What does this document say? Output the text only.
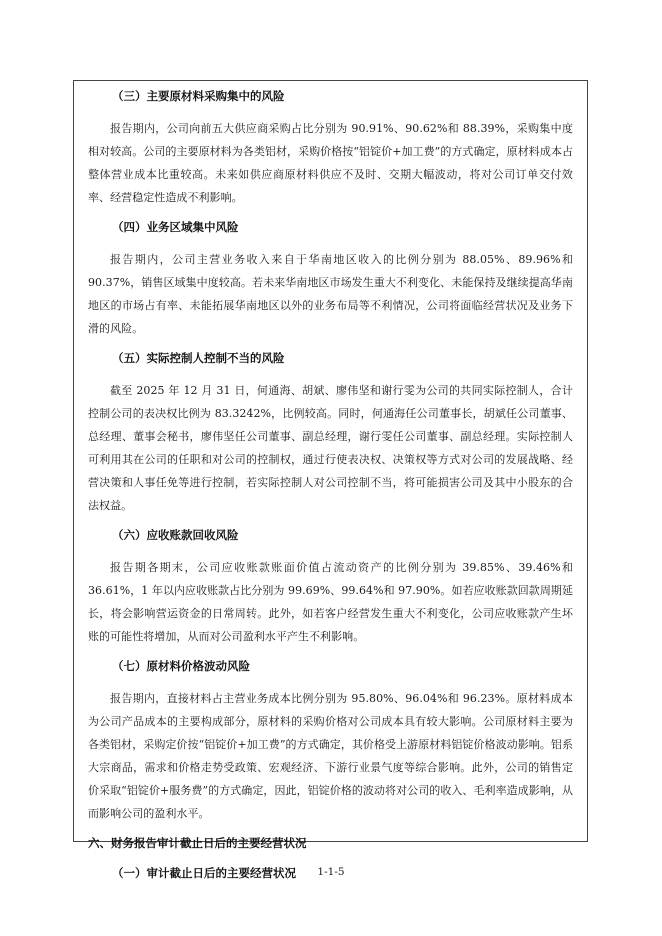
（三）主要原材料采购集中的风险
报告期内，公司向前五大供应商采购占比分别为 90.91%、90.62%和 88.39%，采购集中度相对较高。公司的主要原材料为各类铝材，采购价格按“铝锭价+加工费”的方式确定，原材料成本占整体营业成本比重较高。未来如供应商原材料供应不及时、交期大幅波动，将对公司订单交付效率、经营稳定性造成不利影响。
（四）业务区域集中风险
报告期内，公司主营业务收入来自于华南地区收入的比例分别为 88.05%、89.96%和 90.37%，销售区域集中度较高。若未来华南地区市场发生重大不利变化、未能保持及继续提高华南地区的市场占有率、未能拓展华南地区以外的业务布局等不利情况，公司将面临经营状况及业务下滑的风险。
（五）实际控制人控制不当的风险
截至 2025 年 12 月 31 日，何通海、胡斌、廖伟坚和谢行雯为公司的共同实际控制人，合计控制公司的表决权比例为 83.3242%，比例较高。同时，何通海任公司董事长，胡斌任公司董事、总经理、董事会秘书，廖伟坚任公司董事、副总经理，谢行雯任公司董事、副总经理。实际控制人可利用其在公司的任职和对公司的控制权，通过行使表决权、决策权等方式对公司的发展战略、经营决策和人事任免等进行控制，若实际控制人对公司控制不当，将可能损害公司及其中小股东的合法权益。
（六）应收账款回收风险
报告期各期末，公司应收账款账面价值占流动资产的比例分别为 39.85%、39.46%和 36.61%，1 年以内应收账款占比分别为 99.69%、99.64%和 97.90%。如若应收账款回款周期延长，将会影响营运资金的日常周转。此外，如若客户经营发生重大不利变化，公司应收账款产生坏账的可能性将增加，从而对公司盈利水平产生不利影响。
（七）原材料价格波动风险
报告期内，直接材料占主营业务成本比例分别为 95.80%、96.04%和 96.23%。原材料成本为公司产品成本的主要构成部分，原材料的采购价格对公司成本具有较大影响。公司原材料主要为各类铝材，采购定价按“铝锭价+加工费”的方式确定，其价格受上游原材料铝锭价格波动影响。铝系大宗商品，需求和价格走势受政策、宏观经济、下游行业景气度等综合影响。此外，公司的销售定价采取“铝锭价+服务费”的方式确定，因此，铝锭价格的波动将对公司的收入、毛利率造成影响，从而影响公司的盈利水平。
六、财务报告审计截止日后的主要经营状况
（一）审计截止日后的主要经营状况	1-1-5
